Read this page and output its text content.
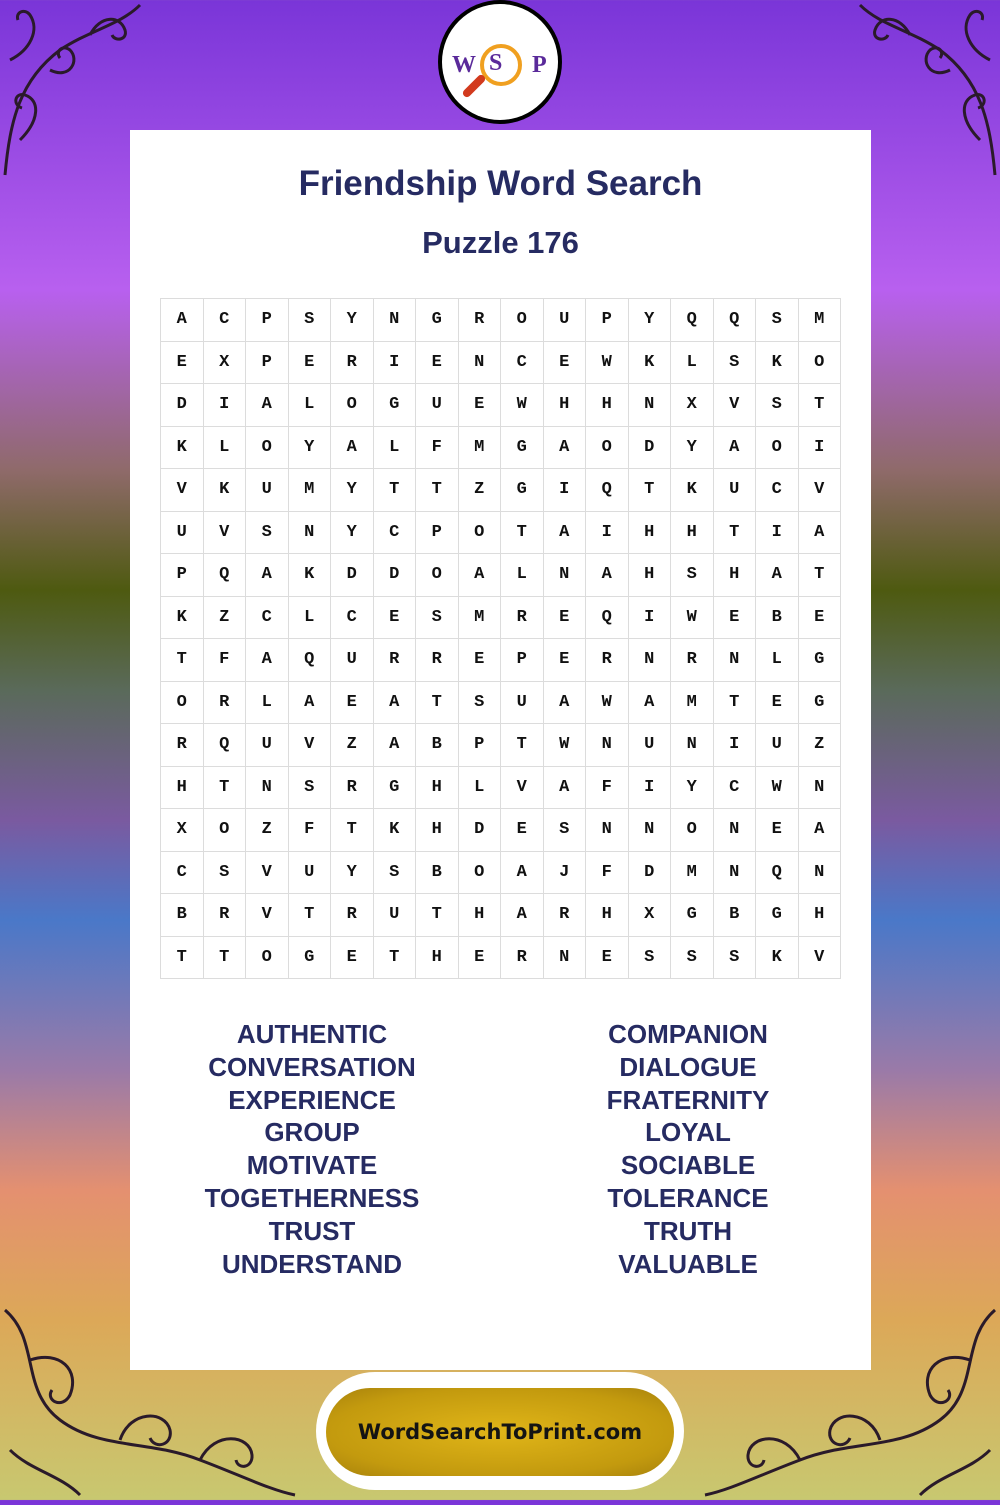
W S P
Friendship Word Search
Puzzle 176
A	C	P	S	Y	N	G	R	O	U	P	Y	Q	Q	S	M
E	X	P	E	R	I	E	N	C	E	W	K	L	S	K	O
D	I	A	L	O	G	U	E	W	H	H	N	X	V	S	T
K	L	O	Y	A	L	F	M	G	A	O	D	Y	A	O	I
V	K	U	M	Y	T	T	Z	G	I	Q	T	K	U	C	V
U	V	S	N	Y	C	P	O	T	A	I	H	H	T	I	A
P	Q	A	K	D	D	O	A	L	N	A	H	S	H	A	T
K	Z	C	L	C	E	S	M	R	E	Q	I	W	E	B	E
T	F	A	Q	U	R	R	E	P	E	R	N	R	N	L	G
O	R	L	A	E	A	T	S	U	A	W	A	M	T	E	G
R	Q	U	V	Z	A	B	P	T	W	N	U	N	I	U	Z
H	T	N	S	R	G	H	L	V	A	F	I	Y	C	W	N
X	O	Z	F	T	K	H	D	E	S	N	N	O	N	E	A
C	S	V	U	Y	S	B	O	A	J	F	D	M	N	Q	N
B	R	V	T	R	U	T	H	A	R	H	X	G	B	G	H
T	T	O	G	E	T	H	E	R	N	E	S	S	S	K	V
AUTHENTIC
CONVERSATION
EXPERIENCE
GROUP
MOTIVATE
TOGETHERNESS
TRUST
UNDERSTAND
COMPANION
DIALOGUE
FRATERNITY
LOYAL
SOCIABLE
TOLERANCE
TRUTH
VALUABLE
WordSearchToPrint.com
